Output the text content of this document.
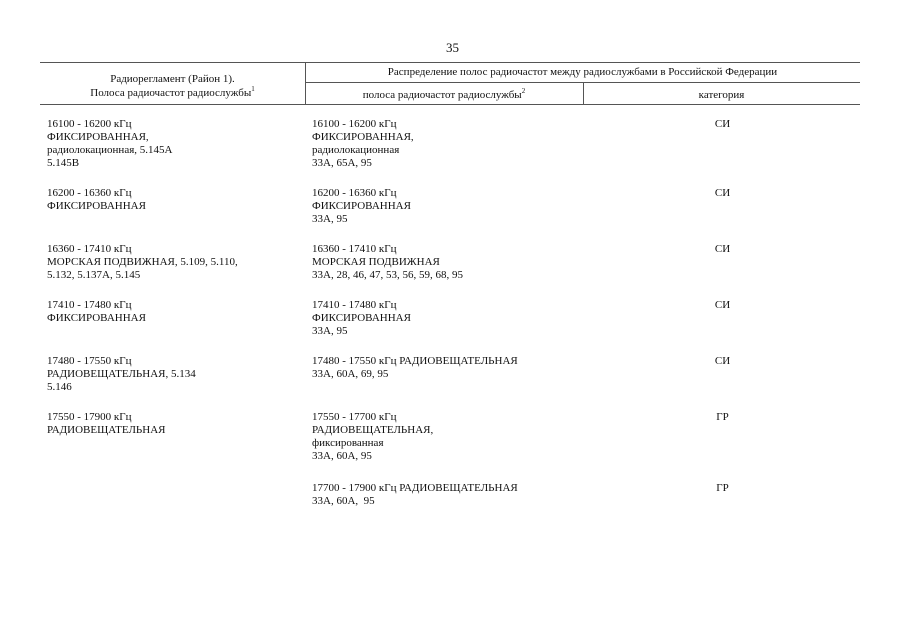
35
Радиорегламент (Район 1).
Полоса радиочастот радиослужбы$^1$
Распределение полос радиочастот между радиослужбами в Российской Федерации
полоса радиочастот радиослужбы$^2$	категория
16100 - 16200 кГц
ФИКСИРОВАННАЯ,
радиолокационная, 5.145А
5.145В
16100 - 16200 кГц
ФИКСИРОВАННАЯ,
радиолокационная
33А, 65А, 95
СИ
16200 - 16360 кГц
ФИКСИРОВАННАЯ
16200 - 16360 кГц
ФИКСИРОВАННАЯ
33А, 95
СИ
16360 - 17410 кГц
МОРСКАЯ ПОДВИЖНАЯ, 5.109, 5.110,
5.132, 5.137А, 5.145
16360 - 17410 кГц
МОРСКАЯ ПОДВИЖНАЯ
33А, 28, 46, 47, 53, 56, 59, 68, 95
СИ
17410 - 17480 кГц
ФИКСИРОВАННАЯ
17410 - 17480 кГц
ФИКСИРОВАННАЯ
33А, 95
СИ
17480 - 17550 кГц
РАДИОВЕЩАТЕЛЬНАЯ, 5.134
5.146
17480 - 17550 кГц РАДИОВЕЩАТЕЛЬНАЯ
33А, 60А, 69, 95
СИ
17550 - 17900 кГц
РАДИОВЕЩАТЕЛЬНАЯ
17550 - 17700 кГц
РАДИОВЕЩАТЕЛЬНАЯ,
фиксированная
33А, 60А, 95
ГР
17700 - 17900 кГц РАДИОВЕЩАТЕЛЬНАЯ
33А, 60А,  95
ГР
